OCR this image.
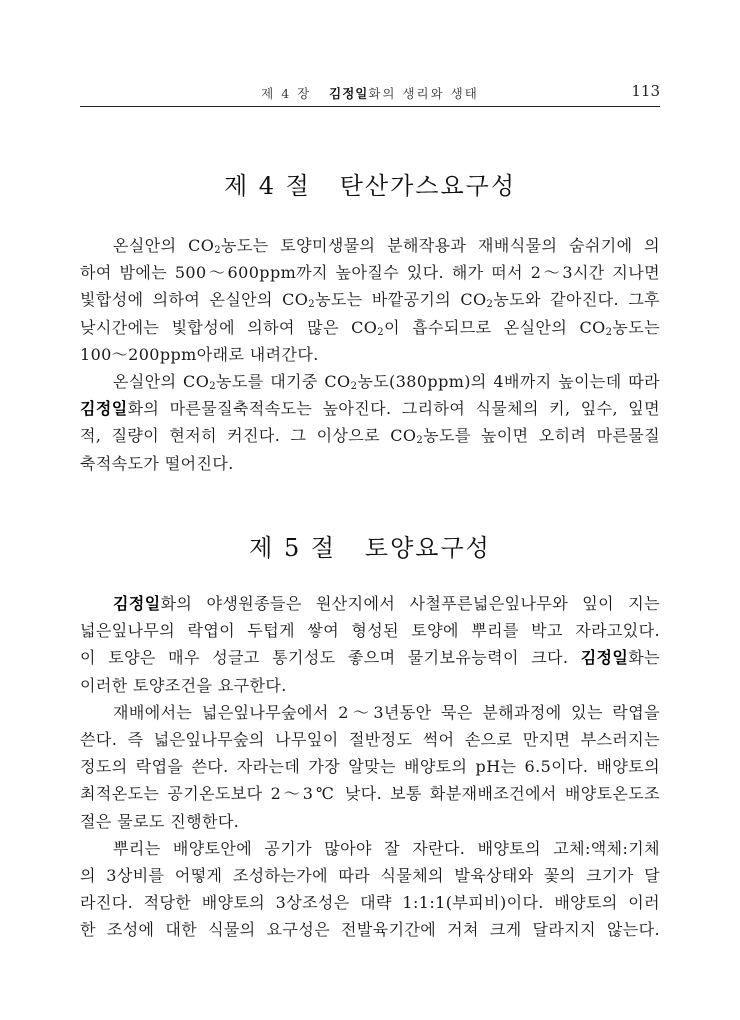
제 4 장 김정일화의 생리와 생태	113
제 4 절   탄산가스요구성
온실안의 $CO_2$농도는 토양미생물의 분해작용과 재배식물의 숨쉬기에 의
하여 밤에는 500～600ppm까지 높아질수 있다. 해가 떠서 2～3시간 지나면
빛합성에 의하여 온실안의 $CO_2$농도는 바깥공기의 $CO_2$농도와 같아진다. 그후
낮시간에는 빛합성에 의하여 많은 $CO_2$이 흡수되므로 온실안의 $CO_2$농도는
100～200ppm아래로 내려간다.
온실안의 $CO_2$농도를 대기중 $CO_2$농도(380ppm)의 4배까지 높이는데 따라
김정일화의 마른물질축적속도는 높아진다. 그리하여 식물체의 키, 잎수, 잎면
적, 질량이 현저히 커진다. 그 이상으로 $CO_2$농도를 높이면 오히려 마른물질
축적속도가 떨어진다.
제 5 절   토양요구성
김정일화의 야생원종들은 원산지에서 사철푸른넓은잎나무와 잎이 지는
넓은잎나무의 락엽이 두텁게 쌓여 형성된 토양에 뿌리를 박고 자라고있다.
이 토양은 매우 성글고 통기성도 좋으며 물기보유능력이 크다. 김정일화는
이러한 토양조건을 요구한다.
재배에서는 넓은잎나무숲에서 2～3년동안 묵은 분해과정에 있는 락엽을
쓴다. 즉 넓은잎나무숲의 나무잎이 절반정도 썩어 손으로 만지면 부스러지는
정도의 락엽을 쓴다. 자라는데 가장 알맞는 배양토의 pH는 6.5이다. 배양토의
최적온도는 공기온도보다 2～3℃ 낮다. 보통 화분재배조건에서 배양토온도조
절은 물로도 진행한다.
뿌리는 배양토안에 공기가 많아야 잘 자란다. 배양토의 고체:액체:기체
의 3상비를 어떻게 조성하는가에 따라 식물체의 발육상태와 꽃의 크기가 달
라진다. 적당한 배양토의 3상조성은 대략 1:1:1(부피비)이다. 배양토의 이러
한 조성에 대한 식물의 요구성은 전발육기간에 거쳐 크게 달라지지 않는다.
